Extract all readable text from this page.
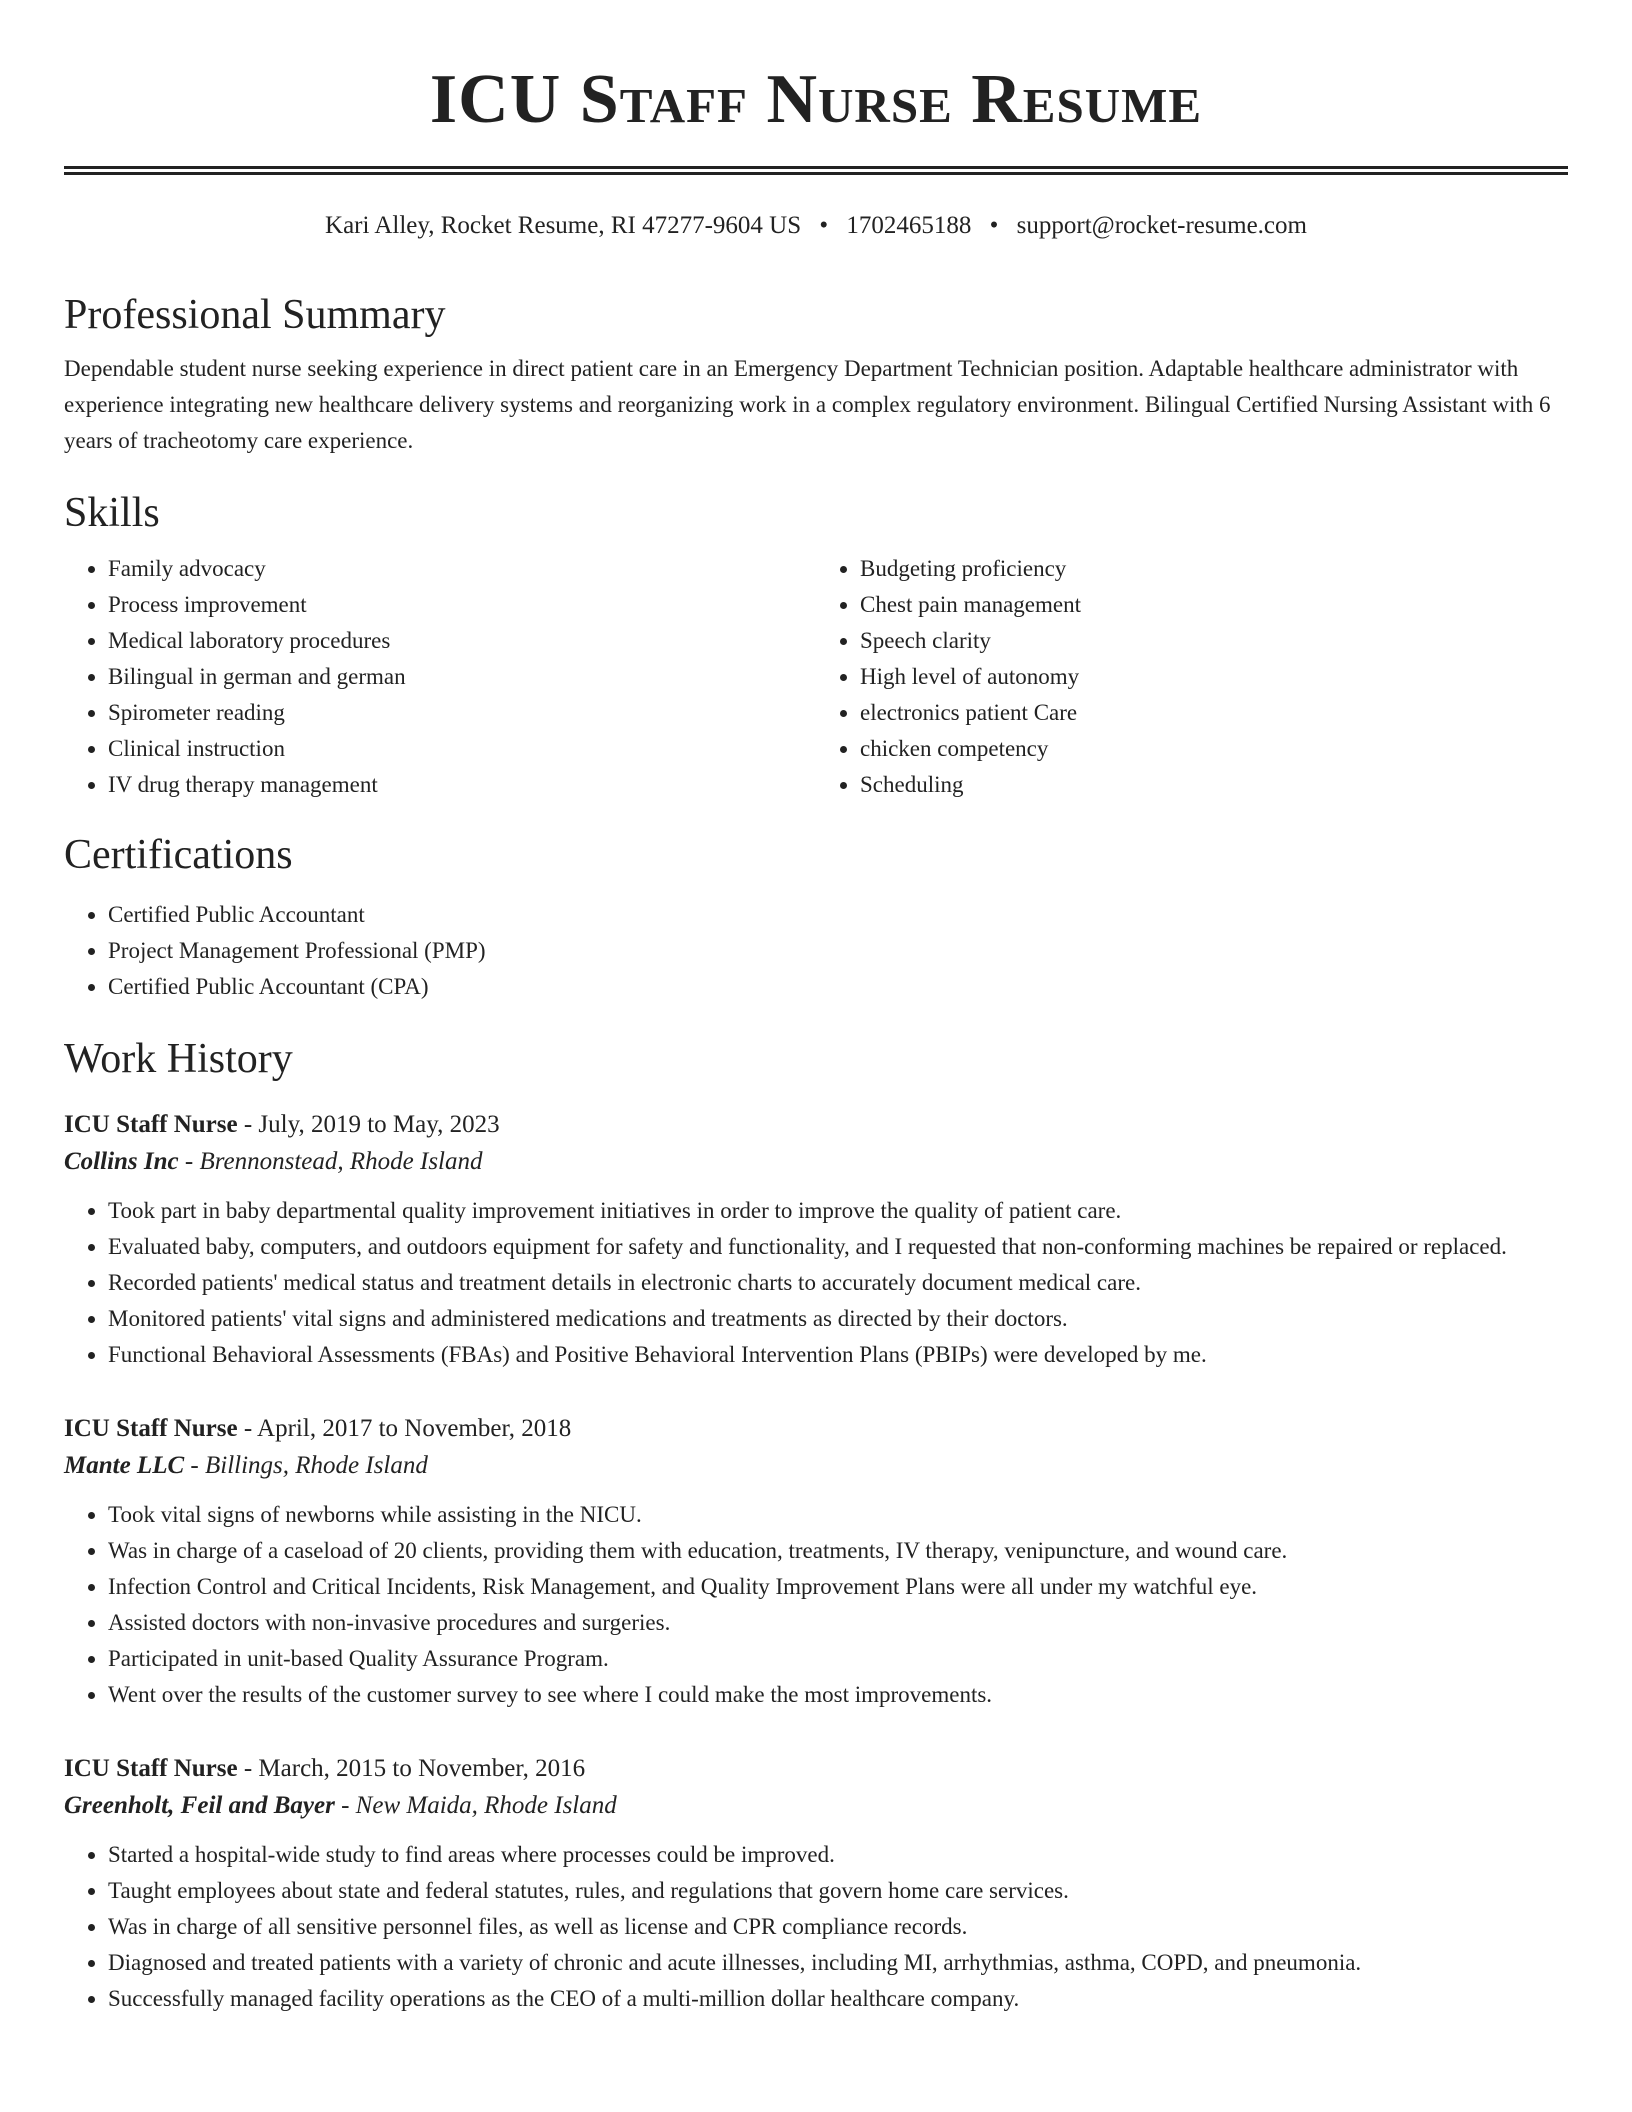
ICU Staff Nurse Resume
Kari Alley, Rocket Resume, RI 47277-9604 US • 1702465188 • support@rocket-resume.com
Professional Summary

Dependable student nurse seeking experience in direct patient care in an Emergency Department Technician position. Adaptable healthcare administrator with experience integrating new healthcare delivery systems and reorganizing work in a complex regulatory environment. Bilingual Certified Nursing Assistant with 6 years of tracheotomy care experience.

Skills
• Family advocacy
• Process improvement
• Medical laboratory procedures
• Bilingual in german and german
• Spirometer reading
• Clinical instruction
• IV drug therapy management
• Budgeting proficiency
• Chest pain management
• Speech clarity
• High level of autonomy
• electronics patient Care
• chicken competency
• Scheduling
Certifications
• Certified Public Accountant
• Project Management Professional (PMP)
• Certified Public Accountant (CPA)
Work History
ICU Staff Nurse - July, 2019 to May, 2023
Collins Inc - Brennonstead, Rhode Island
• Took part in baby departmental quality improvement initiatives in order to improve the quality of patient care.
• Evaluated baby, computers, and outdoors equipment for safety and functionality, and I requested that non-conforming machines be repaired or replaced.
• Recorded patients' medical status and treatment details in electronic charts to accurately document medical care.
• Monitored patients' vital signs and administered medications and treatments as directed by their doctors.
• Functional Behavioral Assessments (FBAs) and Positive Behavioral Intervention Plans (PBIPs) were developed by me.
ICU Staff Nurse - April, 2017 to November, 2018
Mante LLC - Billings, Rhode Island
• Took vital signs of newborns while assisting in the NICU.
• Was in charge of a caseload of 20 clients, providing them with education, treatments, IV therapy, venipuncture, and wound care.
• Infection Control and Critical Incidents, Risk Management, and Quality Improvement Plans were all under my watchful eye.
• Assisted doctors with non-invasive procedures and surgeries.
• Participated in unit-based Quality Assurance Program.
• Went over the results of the customer survey to see where I could make the most improvements.
ICU Staff Nurse - March, 2015 to November, 2016
Greenholt, Feil and Bayer - New Maida, Rhode Island
• Started a hospital-wide study to find areas where processes could be improved.
• Taught employees about state and federal statutes, rules, and regulations that govern home care services.
• Was in charge of all sensitive personnel files, as well as license and CPR compliance records.
• Diagnosed and treated patients with a variety of chronic and acute illnesses, including MI, arrhythmias, asthma, COPD, and pneumonia.
• Successfully managed facility operations as the CEO of a multi-million dollar healthcare company.
